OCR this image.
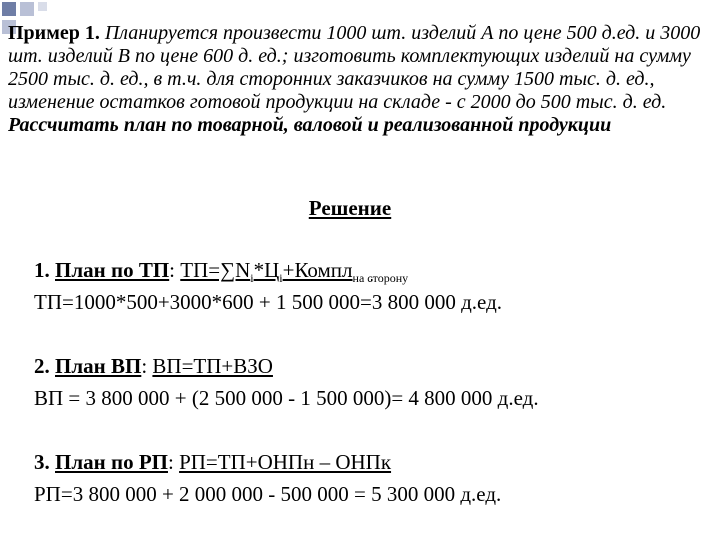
Пример 1. Планируется произвести 1000 шт. изделий А по цене 500 д.ед. и 3000 шт. изделий В по цене 600 д. ед.; изготовить комплектующих изделий на сумму 2500 тыс. д. ед., в т.ч. для сторонних заказчиков на сумму 1500 тыс. д. ед., изменение остатков готовой продукции на складе - с 2000 до 500 тыс. д. ед.
Рассчитать план по товарной, валовой и реализованной продукции
Решение
1. План по ТП: $ТП=\sum N_i*Ц_i+Компл_{на сторону}$
ТП=1000*500+3000*600 + 1 500 000=3 800 000 д.ед.
2. План ВП: ВП=ТП+ВЗО
ВП = 3 800 000 + (2 500 000 - 1 500 000)= 4 800 000 д.ед.
3. План по РП: РП=ТП+ОНПн – ОНПк
РП=3 800 000 + 2 000 000 - 500 000 = 5 300 000 д.ед.
